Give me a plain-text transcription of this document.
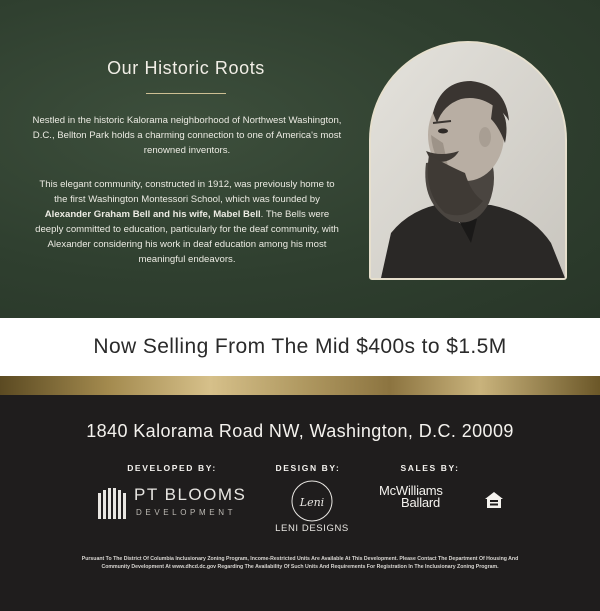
Our Historic Roots

Nestled in the historic Kalorama neighborhood of Northwest Washington, D.C., Bellton Park holds a charming connection to one of America's most renowned inventors.

This elegant community, constructed in 1912, was previously home to the first Washington Montessori School, which was founded by Alexander Graham Bell and his wife, Mabel Bell. The Bells were deeply committed to education, particularly for the deaf community, with Alexander considering his work in deaf education among his most meaningful endeavors.

Now Selling From The Mid $400s to $1.5M
1840 Kalorama Road NW, Washington, D.C. 20009
DEVELOPED BY:	DESIGN BY:	SALES BY:
PT BLOOMS
DEVELOPMENT
Leni
LENI DESIGNS
McWilliams
Ballard

Pursuant To The District Of Columbia Inclusionary Zoning Program, Income-Restricted Units Are Available At This Development. Please Contact The Department Of Housing And Community Development At www.dhcd.dc.gov Regarding The Availability Of Such Units And Requirements For Registration In The Inclusionary Zoning Program.
